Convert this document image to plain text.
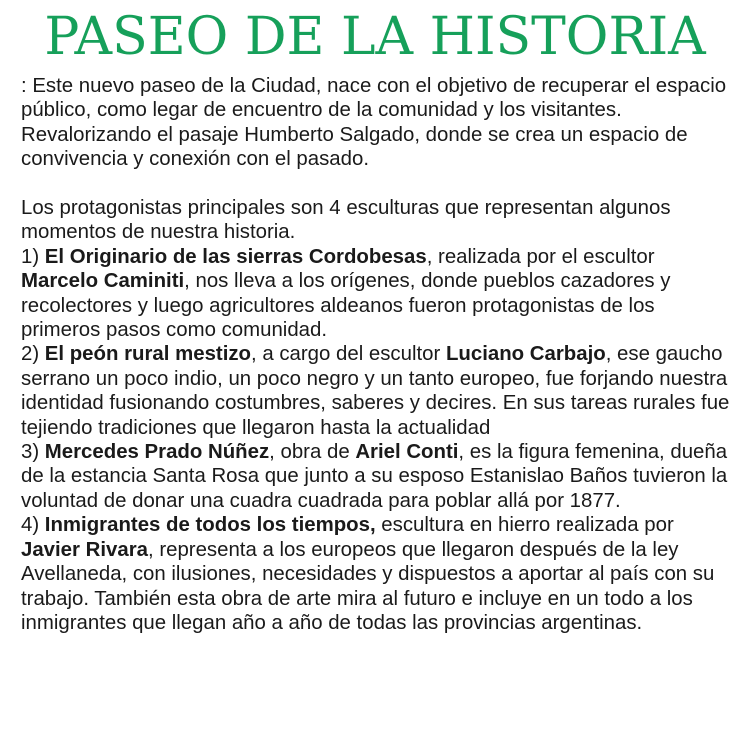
PASEO DE LA HISTORIA

: Este nuevo paseo de la Ciudad, nace con el objetivo de recuperar el espacio público, como legar de encuentro de la comunidad y los visitantes. Revalorizando el pasaje Humberto Salgado, donde se crea un espacio de convivencia y conexión con el pasado.

Los protagonistas principales son 4 esculturas que representan algunos momentos de nuestra historia.

1) El Originario de las sierras Cordobesas, realizada por el escultor Marcelo Caminiti, nos lleva a los orígenes, donde pueblos cazadores y recolectores y luego agricultores aldeanos fueron protagonistas de los primeros pasos como comunidad.

2) El peón rural mestizo, a cargo del escultor Luciano Carbajo, ese gaucho serrano un poco indio, un poco negro y un tanto europeo, fue forjando nuestra identidad fusionando costumbres, saberes y decires. En sus tareas rurales fue tejiendo tradiciones que llegaron hasta la actualidad

3) Mercedes Prado Núñez, obra de Ariel Conti, es la figura femenina, dueña de la estancia Santa Rosa que junto a su esposo Estanislao Baños tuvieron la voluntad de donar una cuadra cuadrada para poblar allá por 1877.

4) Inmigrantes de todos los tiempos, escultura en hierro realizada por Javier Rivara, representa a los europeos que llegaron después de la ley Avellaneda, con ilusiones, necesidades y dispuestos a aportar al país con su trabajo. También esta obra de arte mira al futuro e incluye en un todo a los inmigrantes que llegan año a año de todas las provincias argentinas.
